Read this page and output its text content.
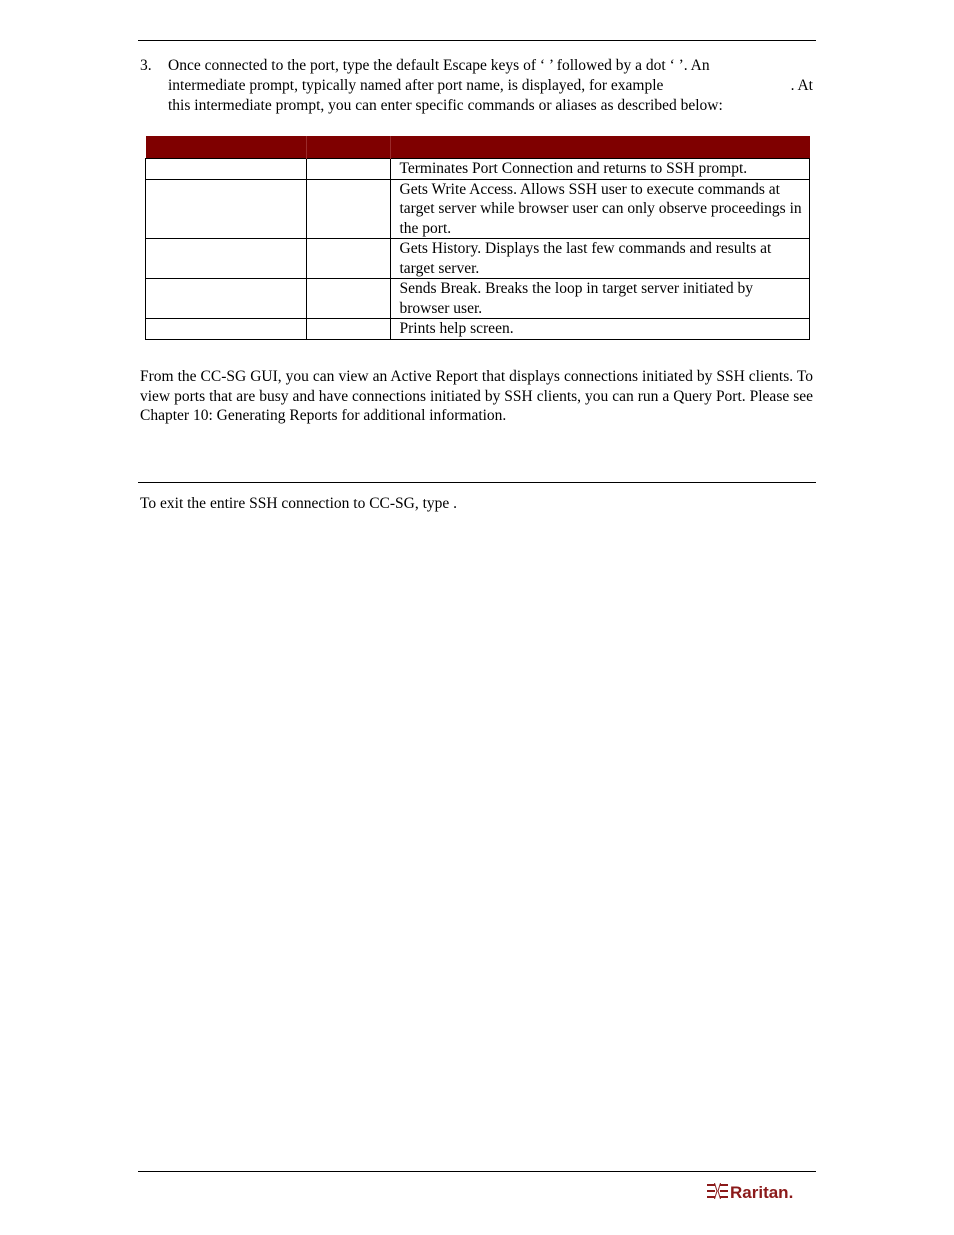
3. Once connected to the port, type the default Escape keys of ‘ ’ followed by a dot ‘ ’. An
intermediate prompt, typically named after port name, is displayed, for example	. At
this intermediate prompt, you can enter specific commands or aliases as described below:

		Terminates Port Connection and returns to SSH prompt.
		Gets Write Access. Allows SSH user to execute commands at target server while browser user can only observe proceedings in the port.
		Gets History. Displays the last few commands and results at target server.
		Sends Break. Breaks the loop in target server initiated by browser user.
		Prints help screen.

From the CC-SG GUI, you can view an Active Report that displays connections initiated by SSH clients. To view ports that are busy and have connections initiated by SSH clients, you can run a Query Port. Please see Chapter 10: Generating Reports for additional information.

To exit the entire SSH connection to CC-SG, type .
Raritan.
